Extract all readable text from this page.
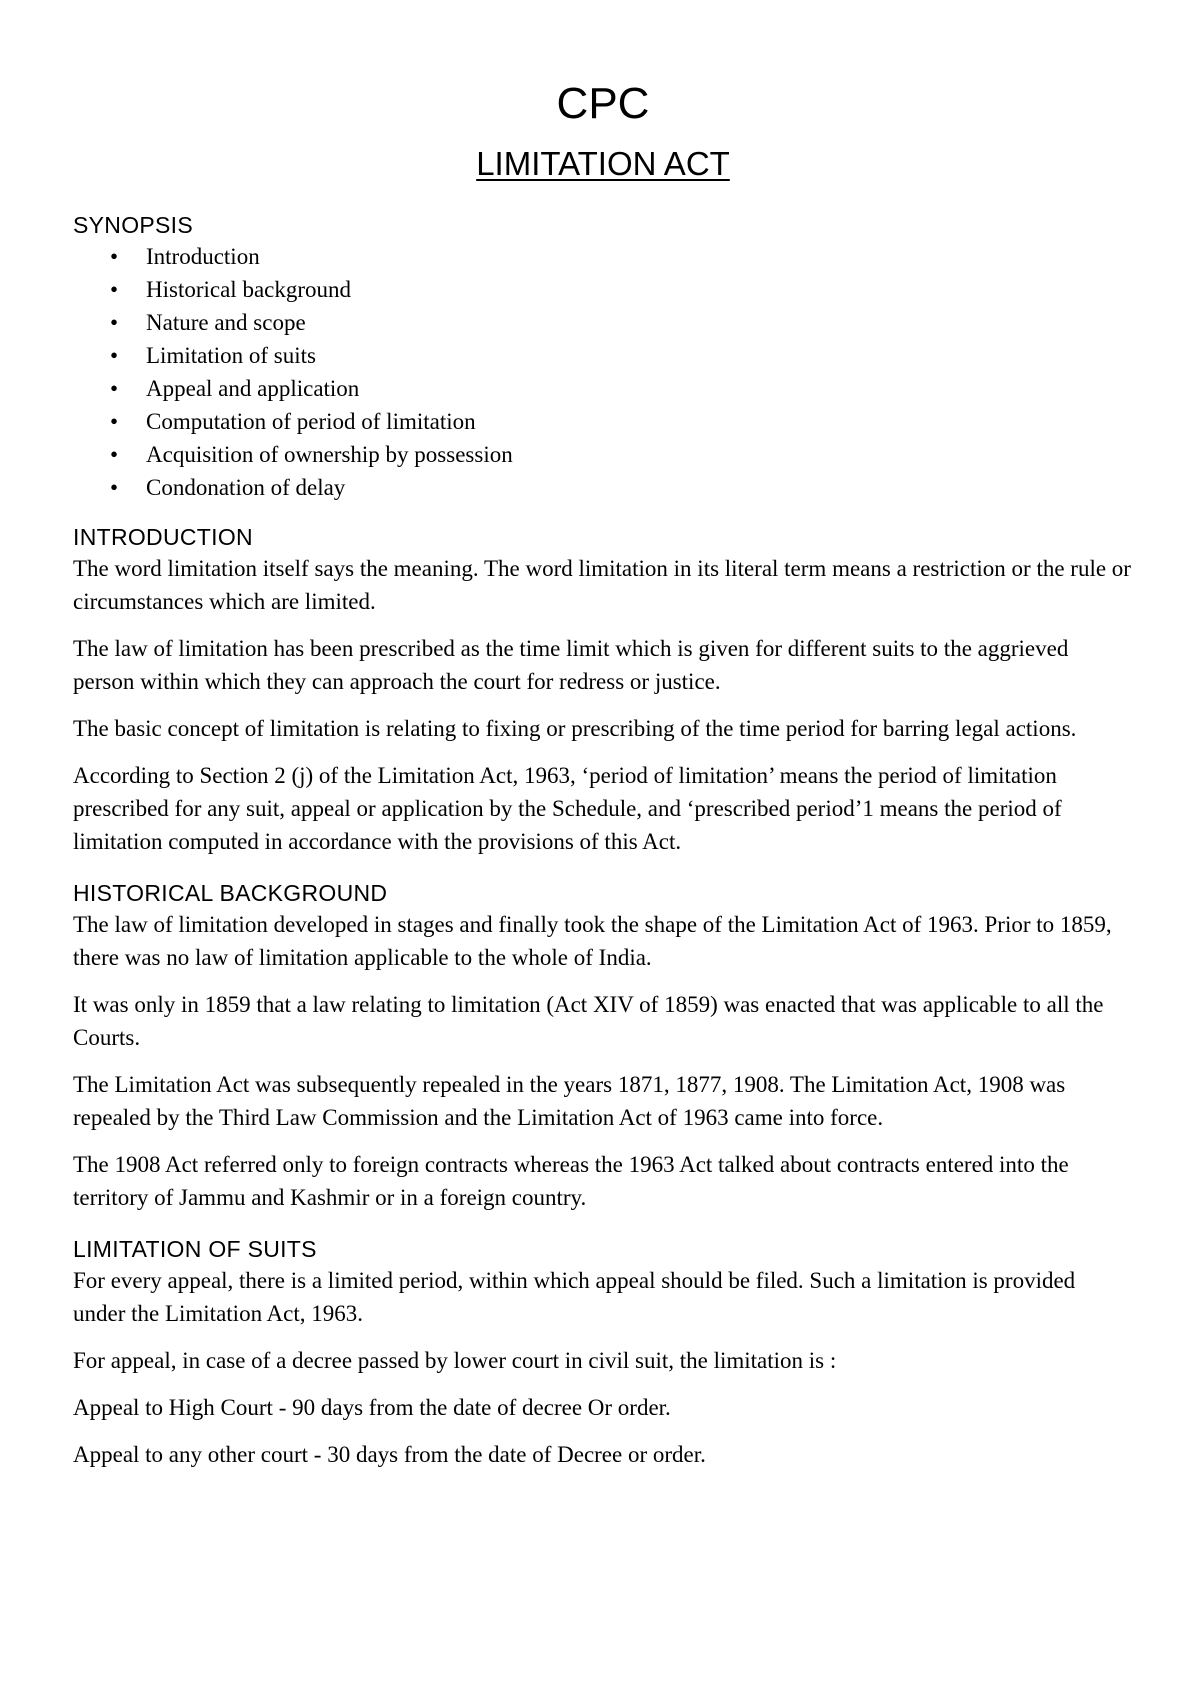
CPC
LIMITATION ACT
SYNOPSIS
• Introduction
• Historical background
• Nature and scope
• Limitation of suits
• Appeal and application
• Computation of period of limitation
• Acquisition of ownership by possession
• Condonation of delay
INTRODUCTION

The word limitation itself says the meaning. The word limitation in its literal term means a restriction or the rule or circumstances which are limited.

The law of limitation has been prescribed as the time limit which is given for different suits to the aggrieved person within which they can approach the court for redress or justice.

The basic concept of limitation is relating to fixing or prescribing of the time period for barring legal actions.

According to Section 2 (j) of the Limitation Act, 1963, ‘period of limitation’ means the period of limitation prescribed for any suit, appeal or application by the Schedule, and ‘prescribed period’1 means the period of limitation computed in accordance with the provisions of this Act.

HISTORICAL BACKGROUND

The law of limitation developed in stages and finally took the shape of the Limitation Act of 1963. Prior to 1859, there was no law of limitation applicable to the whole of India.

It was only in 1859 that a law relating to limitation (Act XIV of 1859) was enacted that was applicable to all the Courts.

The Limitation Act was subsequently repealed in the years 1871, 1877, 1908. The Limitation Act, 1908 was repealed by the Third Law Commission and the Limitation Act of 1963 came into force.

The 1908 Act referred only to foreign contracts whereas the 1963 Act talked about contracts entered into the territory of Jammu and Kashmir or in a foreign country.

LIMITATION OF SUITS

For every appeal, there is a limited period, within which appeal should be filed. Such a limitation is provided under the Limitation Act, 1963.

For appeal, in case of a decree passed by lower court in civil suit, the limitation is :

Appeal to High Court - 90 days from the date of decree Or order.

Appeal to any other court - 30 days from the date of Decree or order.
